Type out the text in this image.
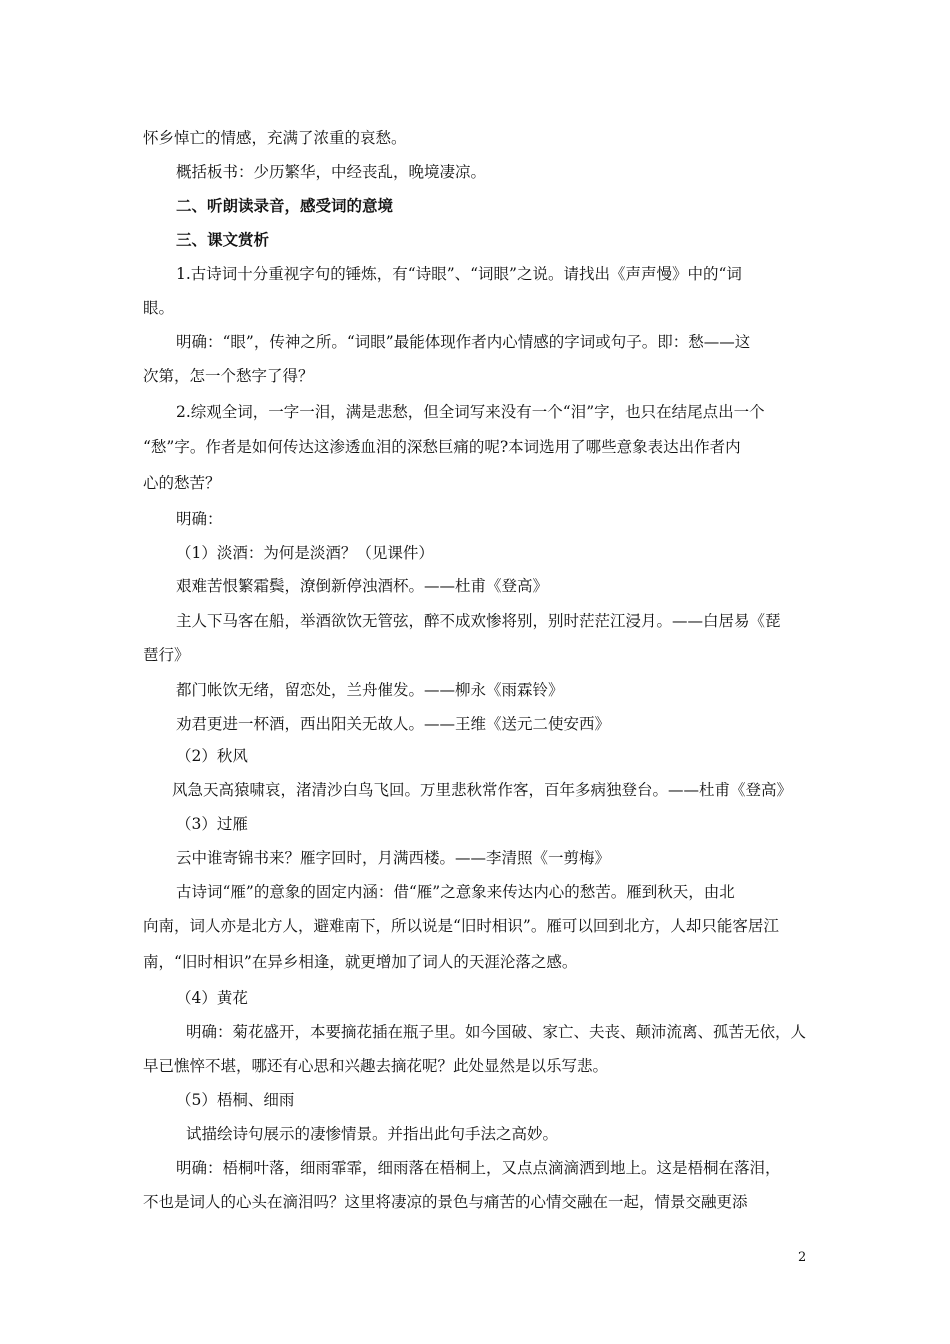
怀乡悼亡的情感，充满了浓重的哀愁。
概括板书：少历繁华，中经丧乱，晚境凄凉。
二、听朗读录音，感受词的意境
三、课文赏析
1.古诗词十分重视字句的锤炼，有“诗眼”、“词眼”之说。请找出《声声慢》中的“词
眼。
明确：“眼”，传神之所。“词眼”最能体现作者内心情感的字词或句子。即：愁——这
次第，怎一个愁字了得？
2.综观全词，一字一泪，满是悲愁，但全词写来没有一个“泪”字，也只在结尾点出一个
“愁”字。作者是如何传达这渗透血泪的深愁巨痛的呢?本词选用了哪些意象表达出作者内
心的愁苦？
明确：
（1）淡酒：为何是淡酒？（见课件）
艰难苦恨繁霜鬓，潦倒新停浊酒杯。——杜甫《登高》
主人下马客在船，举酒欲饮无管弦，醉不成欢惨将别，别时茫茫江浸月。——白居易《琵
琶行》
都门帐饮无绪，留恋处，兰舟催发。——柳永《雨霖铃》
劝君更进一杯酒，西出阳关无故人。——王维《送元二使安西》
（2）秋风
风急天高猿啸哀，渚清沙白鸟飞回。万里悲秋常作客，百年多病独登台。——杜甫《登高》
（3）过雁
云中谁寄锦书来？雁字回时，月满西楼。——李清照《一剪梅》
古诗词“雁”的意象的固定内涵：借“雁”之意象来传达内心的愁苦。雁到秋天，由北
向南，词人亦是北方人，避难南下，所以说是“旧时相识”。雁可以回到北方，人却只能客居江
南，“旧时相识”在异乡相逢，就更增加了词人的天涯沦落之感。
（4）黄花
明确：菊花盛开，本要摘花插在瓶子里。如今国破、家亡、夫丧、颠沛流离、孤苦无依，人
早已憔悴不堪，哪还有心思和兴趣去摘花呢？此处显然是以乐写悲。
（5）梧桐、细雨
试描绘诗句展示的凄惨情景。并指出此句手法之高妙。
明确：梧桐叶落，细雨霏霏，细雨落在梧桐上，又点点滴滴洒到地上。这是梧桐在落泪，
不也是词人的心头在滴泪吗？这里将凄凉的景色与痛苦的心情交融在一起，情景交融更添
2
